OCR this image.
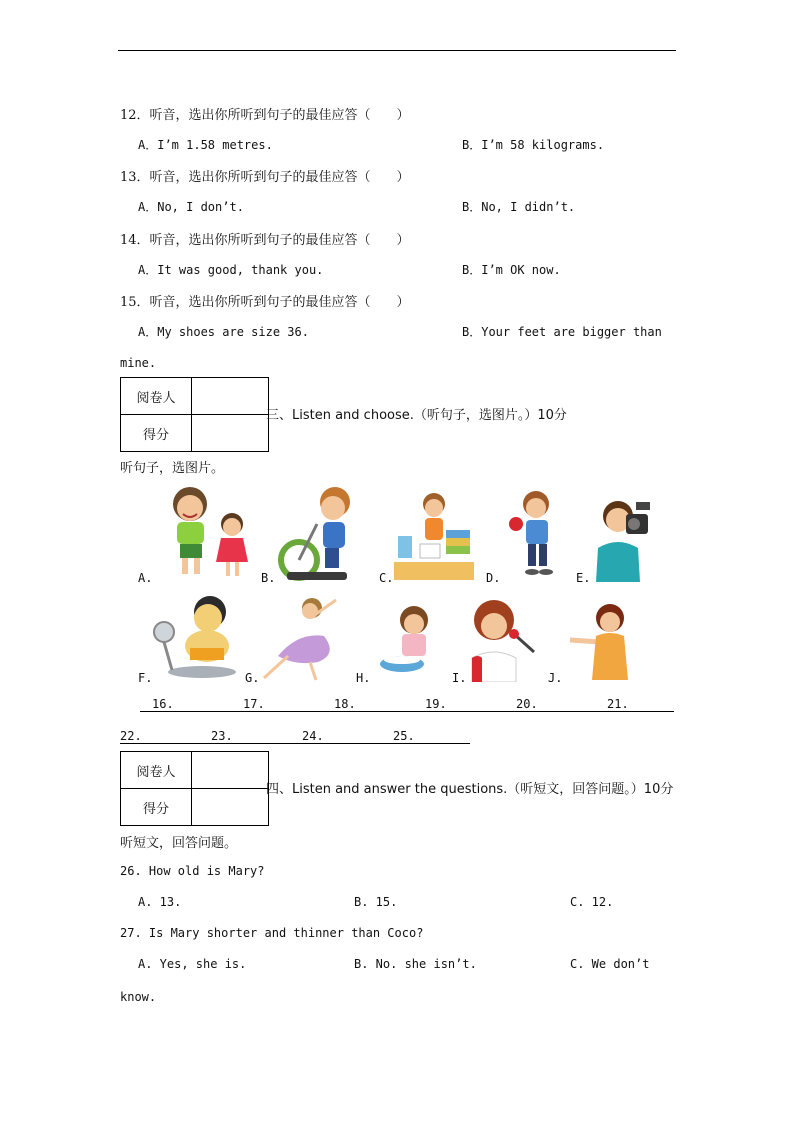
12．听音，选出你所听到句子的最佳应答（　　）
A．I’m 1.58 metres.	B．I’m 58 kilograms.
13．听音，选出你所听到句子的最佳应答（　　）
A．No, I don’t.	B．No, I didn’t.
14．听音，选出你所听到句子的最佳应答（　　）
A．It was good, thank you.	B．I’m OK now.
15．听音，选出你所听到句子的最佳应答（　　）
A．My shoes are size 36.	B．Your feet are bigger than
mine.
阅卷人	
得分	
三、Listen and choose.（听句子，选图片。）10分
听句子，选图片。
A.	B.	C.	D.	E.
F.	G.	H.	I.	J.
16.	17.	18.	19.	20.	21.
22.	23.	24.	25.
阅卷人	
得分	
四、Listen and answer the questions.（听短文，回答问题。）10分
听短文，回答问题。
26. How old is Mary?
A. 13.	B. 15.	C. 12.
27. Is Mary shorter and thinner than Coco?
A. Yes, she is.	B. No. she isn’t.	C. We don’t
know.
